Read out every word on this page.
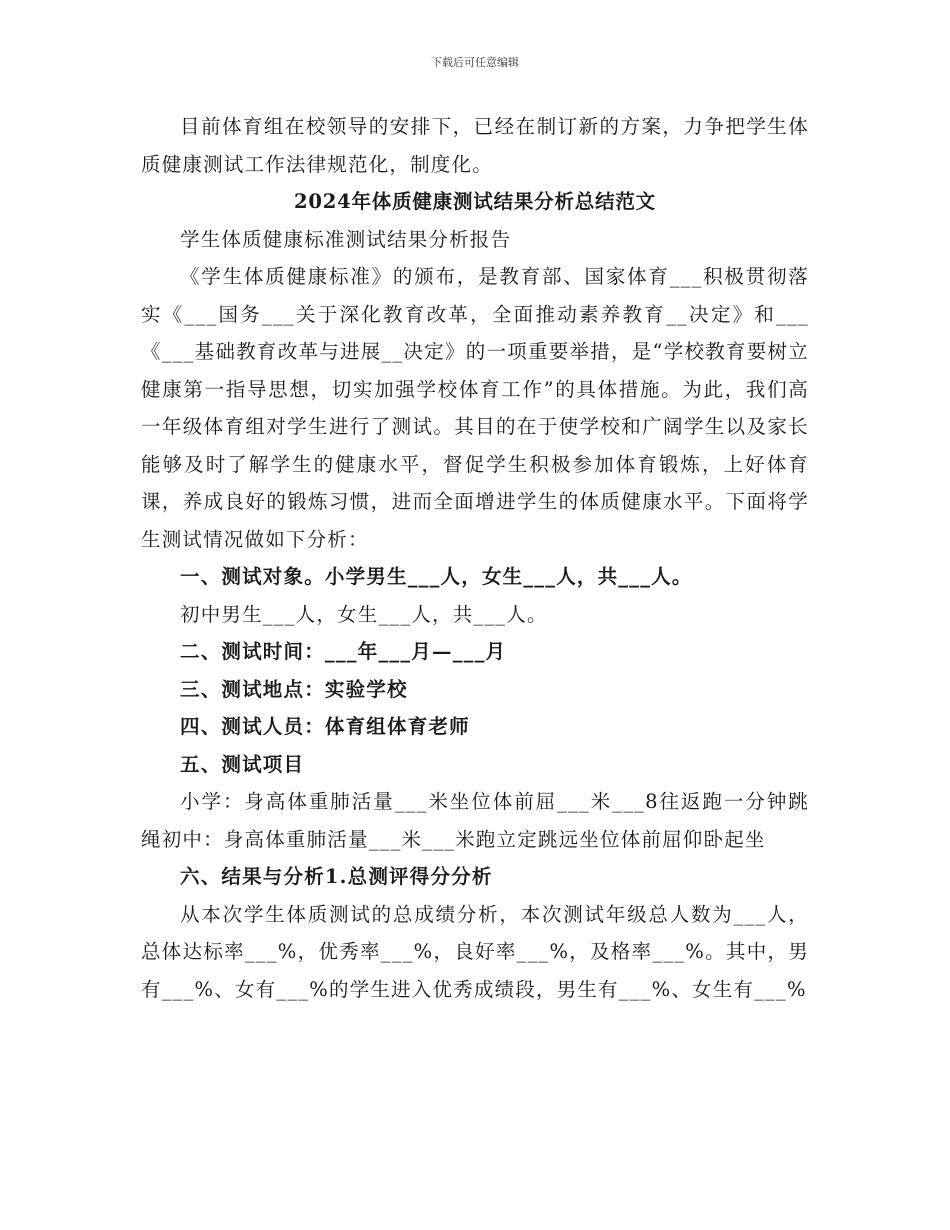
下载后可任意编辑

目前体育组在校领导的安排下，已经在制订新的方案，力争把学生体质健康测试工作法律规范化，制度化。

2024年体质健康测试结果分析总结范文

学生体质健康标准测试结果分析报告

《学生体质健康标准》的颁布，是教育部、国家体育___积极贯彻落实《___国务___关于深化教育改革，全面推动素养教育__决定》和___《___基础教育改革与进展__决定》的一项重要举措，是“学校教育要树立健康第一指导思想，切实加强学校体育工作”的具体措施。为此，我们高一年级体育组对学生进行了测试。其目的在于使学校和广阔学生以及家长能够及时了解学生的健康水平，督促学生积极参加体育锻炼，上好体育课，养成良好的锻炼习惯，进而全面增进学生的体质健康水平。下面将学生测试情况做如下分析：

一、测试对象。小学男生___人，女生___人，共___人。

初中男生___人，女生___人，共___人。

二、测试时间：___年___月—___月

三、测试地点：实验学校

四、测试人员：体育组体育老师

五、测试项目

小学：身高体重肺活量___米坐位体前屈___米___8往返跑一分钟跳绳初中：身高体重肺活量___米___米跑立定跳远坐位体前屈仰卧起坐

六、结果与分析1.总测评得分分析

从本次学生体质测试的总成绩分析，本次测试年级总人数为___人，总体达标率___%，优秀率___%，良好率___%，及格率___%。其中，男有___%、女有___%的学生进入优秀成绩段，男生有___%、女生有___%
